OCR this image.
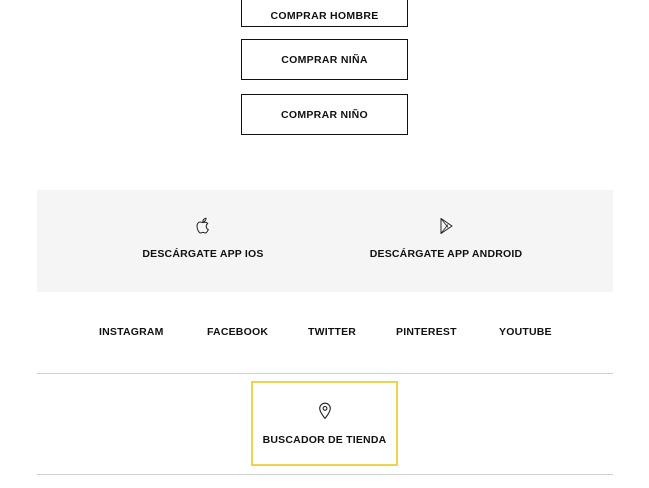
COMPRAR HOMBRE
COMPRAR NIÑA
COMPRAR NIÑO
DESCÁRGATE APP IOS	DESCÁRGATE APP ANDROID
INSTAGRAM	FACEBOOK	TWITTER	PINTEREST	YOUTUBE
BUSCADOR DE TIENDA
